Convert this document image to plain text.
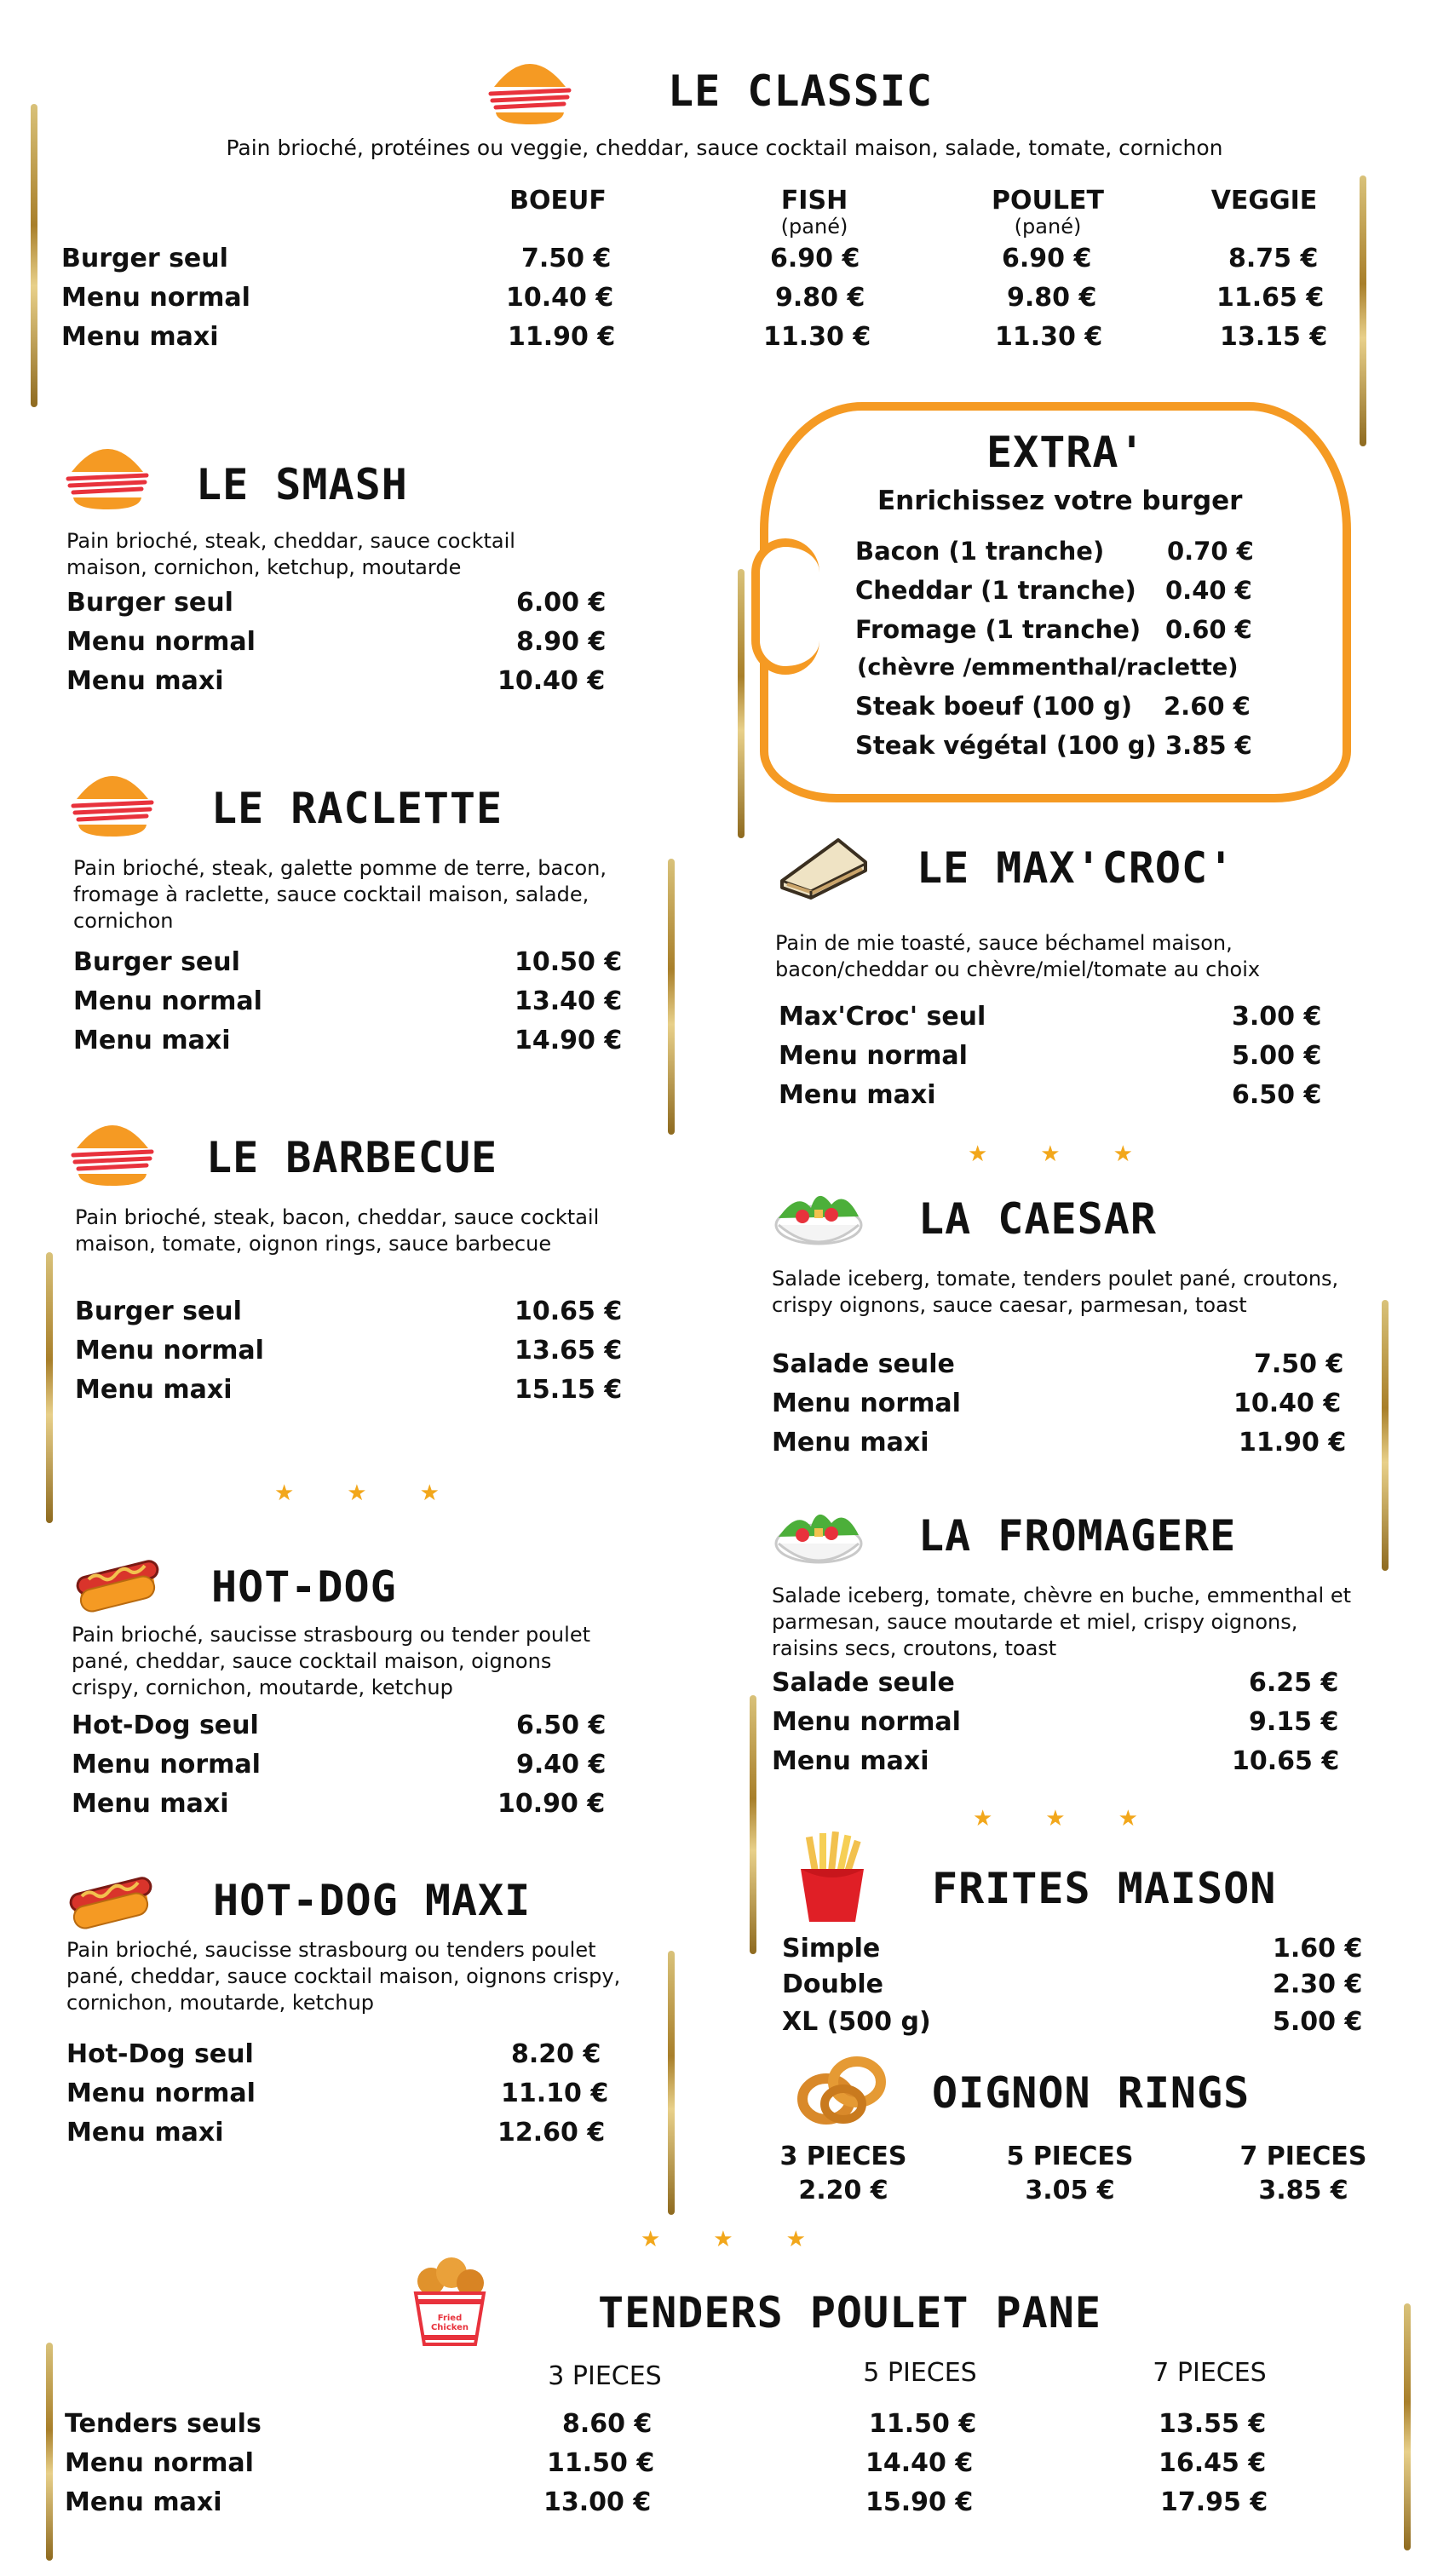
LE CLASSIC
Pain brioché, protéines ou veggie, cheddar, sauce cocktail maison, salade, tomate, cornichon
BOEUF	FISH	POULET	VEGGIE
(pané)	(pané)
Burger seul	7.50 €	6.90 €	6.90 €	8.75 €
Menu normal	10.40 €	9.80 €	9.80 €	11.65 €
Menu maxi	11.90 €	11.30 €	11.30 €	13.15 €
LE SMASH
Pain brioché, steak, cheddar, sauce cocktail maison, cornichon, ketchup, moutarde
Burger seul	6.00 €
Menu normal	8.90 €
Menu maxi	10.40 €
EXTRA'
Enrichissez votre burger
Bacon (1 tranche)	0.70 €
Cheddar (1 tranche) 0.40 €
Fromage (1 tranche) 0.60 €
(chèvre /emmenthal/raclette)
Steak boeuf (100 g) 2.60 €
Steak végétal (100 g) 3.85 €
LE RACLETTE
Pain brioché, steak, galette pomme de terre, bacon, fromage à raclette, sauce cocktail maison, salade, cornichon
Burger seul	10.50 €
Menu normal	13.40 €
Menu maxi	14.90 €
LE MAX'CROC'
Pain de mie toasté, sauce béchamel maison, bacon/cheddar ou chèvre/miel/tomate au choix
Max'Croc' seul	3.00 €
Menu normal	5.00 €
Menu maxi	6.50 €
★★★
LE BARBECUE
Pain brioché, steak, bacon, cheddar, sauce cocktail maison, tomate, oignon rings, sauce barbecue
Burger seul	10.65 €
Menu normal	13.65 €
Menu maxi	15.15 €
LA CAESAR
Salade iceberg, tomate, tenders poulet pané, croutons, crispy oignons, sauce caesar, parmesan, toast
Salade seule	7.50 €
Menu normal	10.40 €
Menu maxi	11.90 €
★★★
HOT-DOG
Pain brioché, saucisse strasbourg ou tender poulet pané, cheddar, sauce cocktail maison, oignons crispy, cornichon, moutarde, ketchup
Hot-Dog seul	6.50 €
Menu normal	9.40 €
Menu maxi	10.90 €
LA FROMAGERE
Salade iceberg, tomate, chèvre en buche, emmenthal et parmesan, sauce moutarde et miel, crispy oignons, raisins secs, croutons, toast
Salade seule	6.25 €
Menu normal	9.15 €
Menu maxi	10.65 €
★★★
HOT-DOG MAXI
Pain brioché, saucisse strasbourg ou tenders poulet pané, cheddar, sauce cocktail maison, oignons crispy, cornichon, moutarde, ketchup
Hot-Dog seul	8.20 €
Menu normal	11.10 €
Menu maxi	12.60 €
FRITES MAISON
Simple	1.60 €
Double	2.30 €
XL (500 g)	5.00 €
OIGNON RINGS
3 PIECES	5 PIECES	7 PIECES
2.20 €	3.05 €	3.85 €
★★★
Fried Chicken	TENDERS POULET PANE
3 PIECES	5 PIECES	7 PIECES
Tenders seuls	8.60 €	11.50 €	13.55 €
Menu normal	11.50 €	14.40 €	16.45 €
Menu maxi	13.00 €	15.90 €	17.95 €
